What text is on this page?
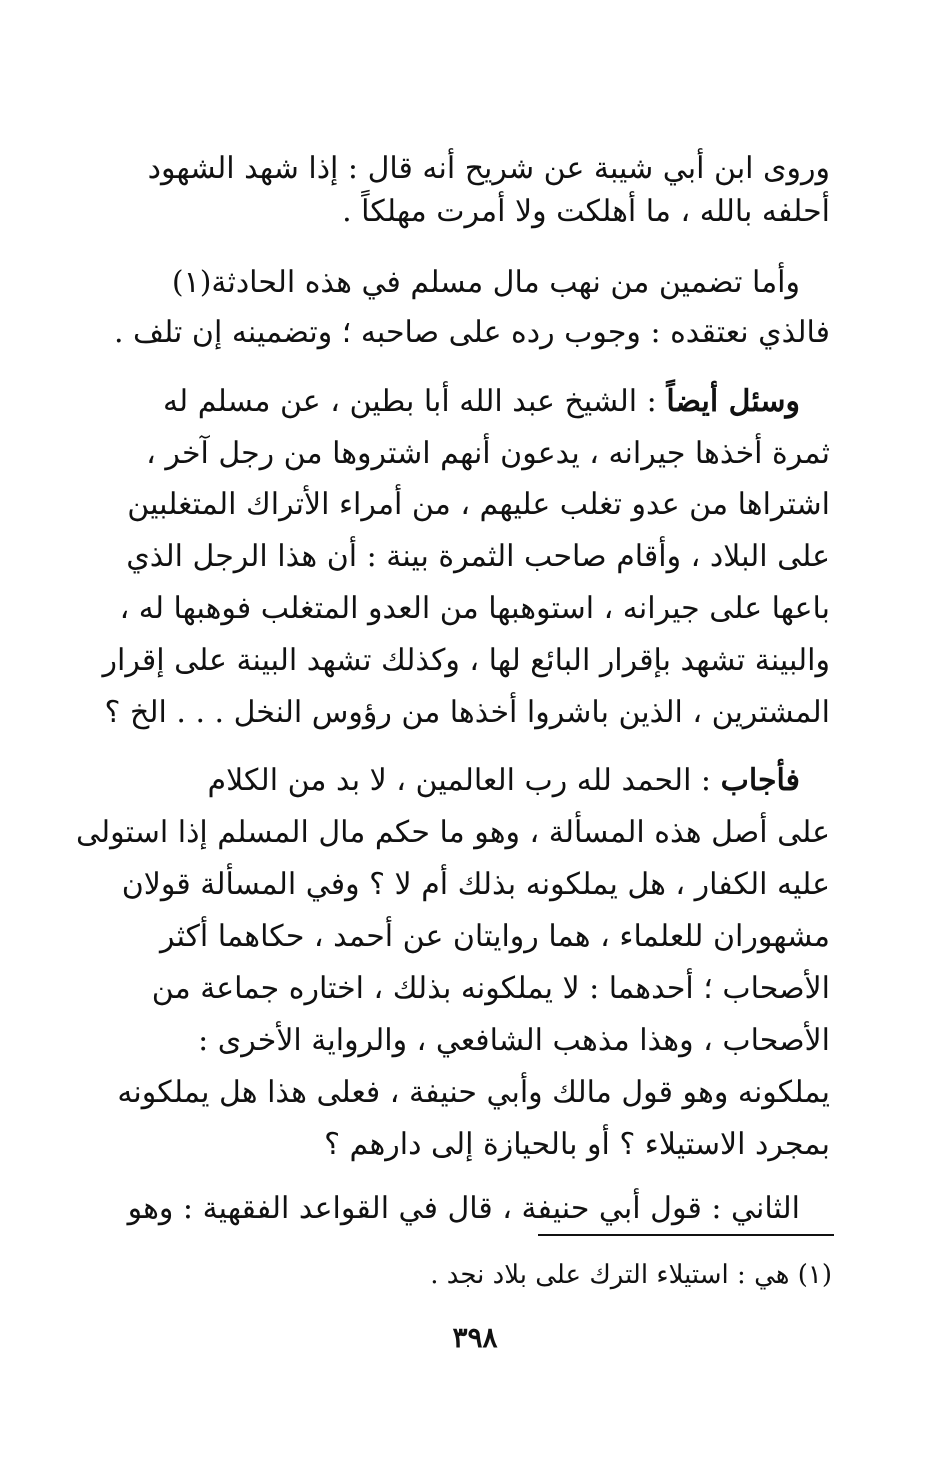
وروى ابن أبي شيبة عن شريح أنه قال : إذا شهد الشهود
أحلفه بالله ، ما أهلكت ولا أمرت مهلكاً .
وأما تضمين من نهب مال مسلم في هذه الحادثة(١)
فالذي نعتقده : وجوب رده على صاحبه ؛ وتضمينه إن تلف .
وسئل أيضاً : الشيخ عبد الله أبا بطين ، عن مسلم له
ثمرة أخذها جيرانه ، يدعون أنهم اشتروها من رجل آخر ،
اشتراها من عدو تغلب عليهم ، من أمراء الأتراك المتغلبين
على البلاد ، وأقام صاحب الثمرة بينة : أن هذا الرجل الذي
باعها على جيرانه ، استوهبها من العدو المتغلب فوهبها له ،
والبينة تشهد بإقرار البائع لها ، وكذلك تشهد البينة على إقرار
المشترين ، الذين باشروا أخذها من رؤوس النخل . . . الخ ؟
فأجاب : الحمد لله رب العالمين ، لا بد من الكلام
على أصل هذه المسألة ، وهو ما حكم مال المسلم إذا استولى
عليه الكفار ، هل يملكونه بذلك أم لا ؟ وفي المسألة قولان
مشهوران للعلماء ، هما روايتان عن أحمد ، حكاهما أكثر
الأصحاب ؛ أحدهما : لا يملكونه بذلك ، اختاره جماعة من
الأصحاب ، وهذا مذهب الشافعي ، والرواية الأخرى :
يملكونه وهو قول مالك وأبي حنيفة ، فعلى هذا هل يملكونه
بمجرد الاستيلاء ؟ أو بالحيازة إلى دارهم ؟
الثاني : قول أبي حنيفة ، قال في القواعد الفقهية : وهو
(١) هي : استيلاء الترك على بلاد نجد .
٣٩٨
